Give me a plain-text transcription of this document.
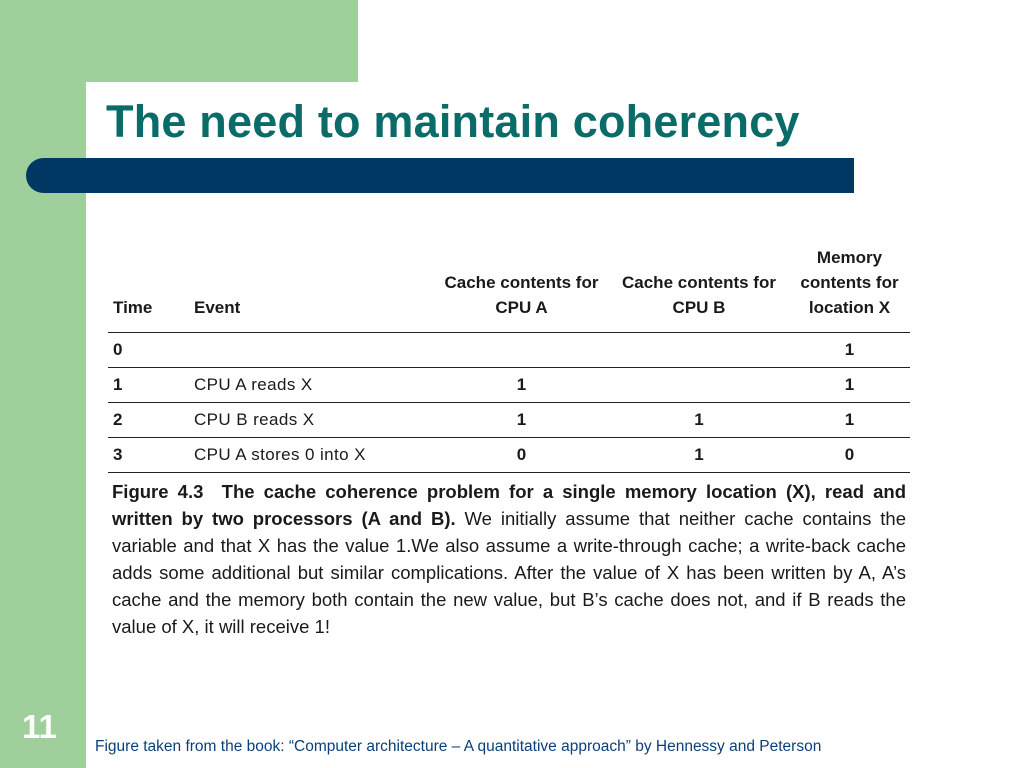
The need to maintain coherency
Time	Event	Cache contents for CPU A	Cache contents for CPU B	Memory contents for location X
0				1
1	CPU A reads X	1		1
2	CPU B reads X	1	1	1
3	CPU A stores 0 into X	0	1	0

Figure 4.3 The cache coherence problem for a single memory location (X), read and written by two processors (A and B). We initially assume that neither cache contains the variable and that X has the value 1.We also assume a write-through cache; a write-back cache adds some additional but similar complications. After the value of X has been written by A, A’s cache and the memory both contain the new value, but B’s cache does not, and if B reads the value of X, it will receive 1!

11
Figure taken from the book: “Computer architecture – A quantitative approach” by Hennessy and Peterson
